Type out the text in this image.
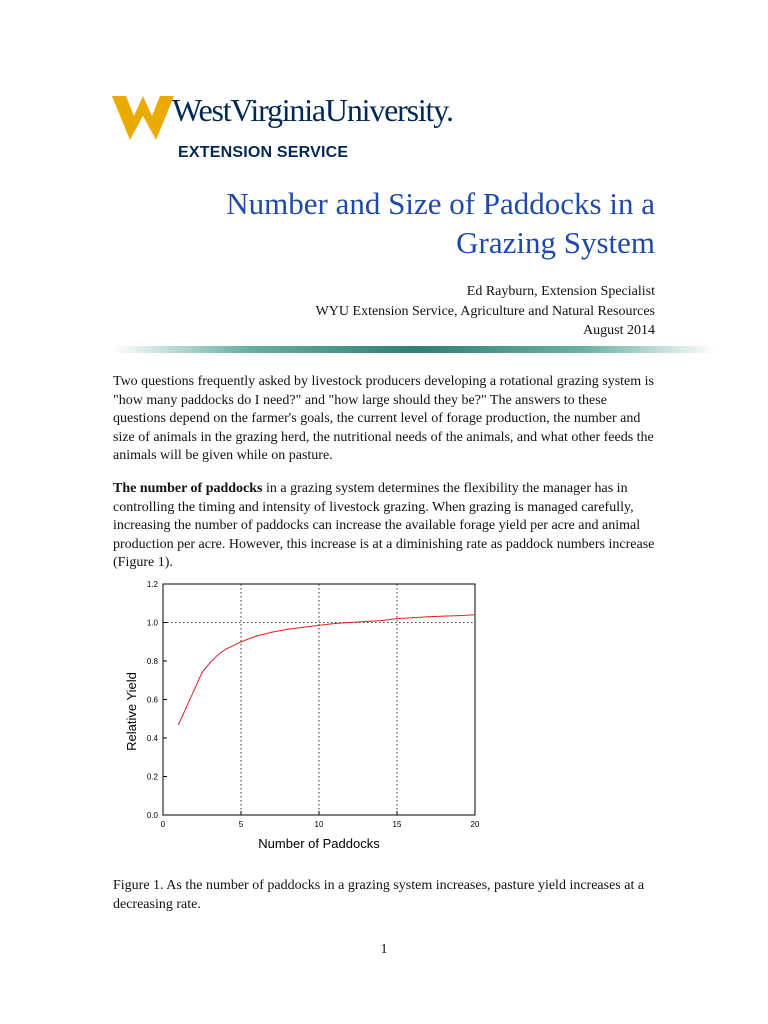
WestVirginiaUniversity.
EXTENSION SERVICE
Number and Size of Paddocks in a
Grazing System
Ed Rayburn, Extension Specialist
WYU Extension Service, Agriculture and Natural Resources
August 2014
Two questions frequently asked by livestock producers developing a rotational grazing system is "how many paddocks do I need?" and "how large should they be?" The answers to these questions depend on the farmer's goals, the current level of forage production, the number and size of animals in the grazing herd, the nutritional needs of the animals, and what other feeds the animals will be given while on pasture.
The number of paddocks in a grazing system determines the flexibility the manager has in controlling the timing and intensity of livestock grazing. When grazing is managed carefully, increasing the number of paddocks can increase the available forage yield per acre and animal production per acre. However, this increase is at a diminishing rate as paddock numbers increase (Figure 1).
0.0
0.2
0.4
0.6
0.8
1.0
1.2
0	5	10	15	20
Number of Paddocks
Relative Yield
Figure 1. As the number of paddocks in a grazing system increases, pasture yield increases at a decreasing rate.
1
